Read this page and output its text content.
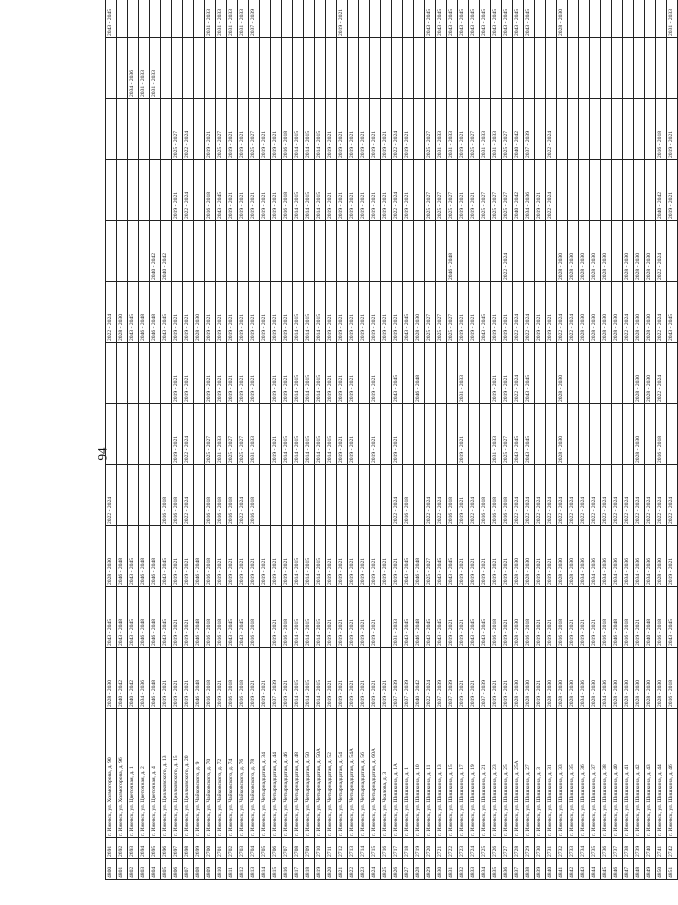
94
4800	2691	г. Ижевск, ул. Холмогорова, д. 90	2028 - 2030	2043 - 2045	2028 - 2030	2022 - 2024			2022 - 2024					2043 - 2045
4801	2692	г. Ижевск, ул. Холмогорова, д. 96	2040 - 2042	2043 - 2048	2046 - 2048				2028 - 2030					
4802	2693	г. Ижевск, ул. Цветочная, д. 1	2040 - 2042	2043 - 2045	2043 - 2045				2043 - 2045				2034 - 2036	
4803	2694	г. Ижевск, ул. Цветочная, д. 2	2034 - 2036	2046 - 2048	2046 - 2048				2046 - 2048				2031 - 2033	
4804	2695	г. Ижевск, ул. Цветочная, д. 4	2046 - 2048	2046 - 2048	2046 - 2048				2046 - 2048	2040 - 2042			2031 - 2033	
4805	2696	г. Ижевск, ул. Циолковского, д. 13	2019 - 2021	2043 - 2045	2043 - 2045	2016 - 2018			2043 - 2045	2040 - 2042				
4806	2697	г. Ижевск, ул. Циолковского, д. 15	2019 - 2021	2019 - 2021	2019 - 2021	2016 - 2018	2019 - 2021	2019 - 2021	2019 - 2021		2019 - 2021	2025 - 2027		
4807	2698	г. Ижевск, ул. Циолковского, д. 20	2019 - 2021	2019 - 2021	2019 - 2021	2022 - 2024	2022 - 2024	2019 - 2021	2019 - 2021		2022 - 2024	2022 - 2024		
4808	2699	г. Ижевск, ул. Чайковского, д. 9	2046 - 2048	2046 - 2048	2046 - 2048				2028 - 2030					
4809	2700	г. Ижевск, ул. Чайковского, д. 70	2016 - 2018	2016 - 2018	2016 - 2018	2016 - 2018	2025 - 2027	2019 - 2021	2019 - 2021		2016 - 2018	2019 - 2021		2031 - 2033
4810	2701	г. Ижевск, ул. Чайковского, д. 72	2019 - 2021	2016 - 2018	2019 - 2021	2016 - 2018	2031 - 2033	2019 - 2021	2019 - 2021		2043 - 2045	2025 - 2027		2031 - 2033
4811	2702	г. Ижевск, ул. Чайковского, д. 74	2016 - 2018	2043 - 2045	2019 - 2021	2016 - 2018	2025 - 2027	2019 - 2021	2019 - 2021		2019 - 2021	2019 - 2021		2031 - 2033
4812	2703	г. Ижевск, ул. Чайковского, д. 76	2016 - 2018	2043 - 2045	2019 - 2021	2022 - 2024	2025 - 2027	2019 - 2021	2019 - 2021		2019 - 2021	2019 - 2021		2031 - 2033
4813	2704	г. Ижевск, ул. Чайковского, д. 78	2019 - 2021	2016 - 2018	2019 - 2021	2016 - 2018	2031 - 2033	2019 - 2021	2019 - 2021		2019 - 2021	2025 - 2027		2037 - 2039
4814	2705	г. Ижевск, ул. Четырнадцатая, д. 34	2019 - 2021		2019 - 2021				2019 - 2021		2019 - 2021	2019 - 2021		
4815	2706	г. Ижевск, ул. Четырнадцатая, д. 44	2037 - 2039	2019 - 2021	2019 - 2021		2019 - 2021	2019 - 2021	2019 - 2021		2019 - 2021	2019 - 2021		
4816	2707	г. Ижевск, ул. Четырнадцатая, д. 46	2019 - 2021	2016 - 2018	2019 - 2021		2014 - 2015	2019 - 2021	2019 - 2021		2016 - 2018	2016 - 2018		
4817	2708	г. Ижевск, ул. Четырнадцатая, д. 48	2014 - 2015	2014 - 2015	2014 - 2015		2014 - 2015	2014 - 2015	2014 - 2015		2014 - 2015	2014 - 2015		
4818	2709	г. Ижевск, ул. Четырнадцатая, д. 50	2014 - 2015	2014 - 2015	2014 - 2015		2014 - 2015	2014 - 2015	2014 - 2015		2014 - 2015	2014 - 2015		
4819	2710	г. Ижевск, ул. Четырнадцатая, д. 50А	2014 - 2015	2014 - 2015	2014 - 2015		2014 - 2015	2014 - 2015	2014 - 2015		2014 - 2015	2014 - 2015		
4820	2711	г. Ижевск, ул. Четырнадцатая, д. 52	2019 - 2021	2019 - 2021	2019 - 2021		2014 - 2015	2019 - 2021	2019 - 2021		2019 - 2021	2019 - 2021		
4821	2712	г. Ижевск, ул. Четырнадцатая, д. 54	2019 - 2021	2019 - 2021	2019 - 2021		2019 - 2021	2019 - 2021	2019 - 2021		2019 - 2021	2019 - 2021		2019 - 2021
4822	2713	г. Ижевск, ул. Четырнадцатая, д. 54А	2019 - 2021	2019 - 2021	2019 - 2021		2019 - 2021	2019 - 2021	2019 - 2021		2019 - 2021	2019 - 2021		
4823	2714	г. Ижевск, ул. Четырнадцатая, д. 56	2019 - 2021	2019 - 2021	2019 - 2021				2019 - 2021		2019 - 2021	2019 - 2021		
4824	2715	г. Ижевск, ул. Четырнадцатая, д. 60А	2019 - 2021	2019 - 2021	2019 - 2021		2019 - 2021	2019 - 2021	2019 - 2021		2019 - 2021	2019 - 2021		
4825	2716	г. Ижевск, ул. Чкалова, д. 3	2019 - 2021		2019 - 2021				2019 - 2021		2019 - 2021	2019 - 2021		
4826	2717	г. Ижевск, ул. Шишкина, д. 1А	2037 - 2039	2031 - 2033	2019 - 2021	2022 - 2024	2019 - 2021	2043 - 2045	2019 - 2021		2022 - 2024	2022 - 2024		
4827	2718	г. Ижевск, ул. Шишкина, д. 1	2037 - 2039	2043 - 2045	2043 - 2045	2016 - 2018			2043 - 2045		2019 - 2021	2019 - 2021		
4828	2719	г. Ижевск, ул. Шишкина, д. 10	2040 - 2042	2046 - 2048	2046 - 2048			2046 - 2048	2028 - 2030					
4829	2720	г. Ижевск, ул. Шишкина, д. 11	2022 - 2024	2043 - 2045	2025 - 2027	2022 - 2024			2025 - 2027		2025 - 2027	2025 - 2027		2043 - 2045
4830	2721	г. Ижевск, ул. Шишкина, д. 13	2037 - 2039	2043 - 2045	2043 - 2045	2022 - 2024			2025 - 2027		2025 - 2027	2031 - 2033		2043 - 2045
4831	2722	г. Ижевск, ул. Шишкина, д. 15	2037 - 2039	2019 - 2021	2043 - 2045	2016 - 2018			2025 - 2027	2046 - 2048	2025 - 2027	2031 - 2033		2043 - 2045
4832	2723	г. Ижевск, ул. Шишкина, д. 17	2019 - 2021	2019 - 2021	2019 - 2021	2019 - 2021	2019 - 2021	2031 - 2033	2019 - 2021		2019 - 2021	2019 - 2021		2043 - 2045
4833	2724	г. Ижевск, ул. Шишкина, д. 19	2019 - 2021	2043 - 2045	2019 - 2021	2022 - 2024			2019 - 2021		2019 - 2021	2025 - 2027		2043 - 2045
4834	2725	г. Ижевск, ул. Шишкина, д. 21	2037 - 2039	2043 - 2045	2019 - 2021	2016 - 2018			2043 - 2045		2025 - 2027	2031 - 2033		2043 - 2045
4835	2726	г. Ижевск, ул. Шишкина, д. 23	2019 - 2021	2016 - 2018	2019 - 2021	2016 - 2018	2031 - 2033	2019 - 2021	2019 - 2021		2025 - 2027	2031 - 2033		2043 - 2045
4836	2727	г. Ижевск, ул. Шишкина, д. 25	2019 - 2021	2019 - 2021	2019 - 2021	2016 - 2018	2025 - 2027	2019 - 2021	2019 - 2021	2022 - 2024	2025 - 2027	2025 - 2027		2043 - 2045
4837	2728	г. Ижевск, ул. Шишкина, д. 25А	2028 - 2030	2028 - 2030	2028 - 2030	2022 - 2024	2043 - 2045	2022 - 2024	2022 - 2024		2040 - 2042	2040 - 2042		2043 - 2045
4838	2729	г. Ижевск, ул. Шишкина, д. 27	2028 - 2030	2016 - 2018	2028 - 2030	2022 - 2024	2043 - 2045	2043 - 2045	2022 - 2024		2034 - 2036	2037 - 2039		2043 - 2045
4839	2730	г. Ижевск, ул. Шишкина, д. 3	2019 - 2021	2019 - 2021	2019 - 2021	2022 - 2024			2019 - 2021		2019 - 2021			
4840	2731	г. Ижевск, ул. Шишкина, д. 31	2028 - 2030	2019 - 2021	2019 - 2021	2022 - 2024			2019 - 2021		2022 - 2024	2022 - 2024		
4841	2732	г. Ижевск, ул. Шишкина, д. 33	2028 - 2030	2016 - 2018	2028 - 2030	2022 - 2024	2028 - 2030	2028 - 2030	2022 - 2024	2028 - 2030				2028 - 2030
4842	2733	г. Ижевск, ул. Шишкина, д. 35	2028 - 2030	2019 - 2021	2028 - 2030	2022 - 2024			2022 - 2024	2028 - 2030				
4843	2734	г. Ижевск, ул. Шишкина, д. 36	2034 - 2036	2019 - 2021	2034 - 2036	2022 - 2024			2028 - 2030	2028 - 2030				
4844	2735	г. Ижевск, ул. Шишкина, д. 37	2028 - 2030	2019 - 2021	2034 - 2036	2022 - 2024			2028 - 2030	2028 - 2030				
4845	2736	г. Ижевск, ул. Шишкина, д. 38	2034 - 2036	2016 - 2018	2034 - 2036	2022 - 2024			2028 - 2030	2028 - 2030				
4846	2737	г. Ижевск, ул. Шишкина, д. 40	2028 - 2030	2046 - 2048	2034 - 2036	2022 - 2024			2028 - 2030					
4847	2738	г. Ижевск, ул. Шишкина, д. 41	2028 - 2030	2016 - 2018	2034 - 2036	2022 - 2024			2022 - 2024	2028 - 2030				
4848	2739	г. Ижевск, ул. Шишкина, д. 42	2028 - 2030	2019 - 2021	2034 - 2036	2022 - 2024	2028 - 2030	2028 - 2030	2028 - 2030	2028 - 2030				
4849	2740	г. Ижевск, ул. Шишкина, д. 43	2028 - 2030	2040 - 2048	2034 - 2036	2022 - 2024		2028 - 2030	2028 - 2030	2028 - 2030				
4850	2741	г. Ижевск, ул. Шишкина, д. 44	2028 - 2030	2016 - 2018	2028 - 2030	2022 - 2024	2016 - 2018	2022 - 2024	2022 - 2024	2022 - 2024	2040 - 2042	2016 - 2018		
4851	2742	г. Ижевск, ул. Шишкина, д. 46	2016 - 2018	2043 - 2045	2019 - 2021	2022 - 2024			2043 - 2045		2019 - 2021	2019 - 2021		2031 - 2033
